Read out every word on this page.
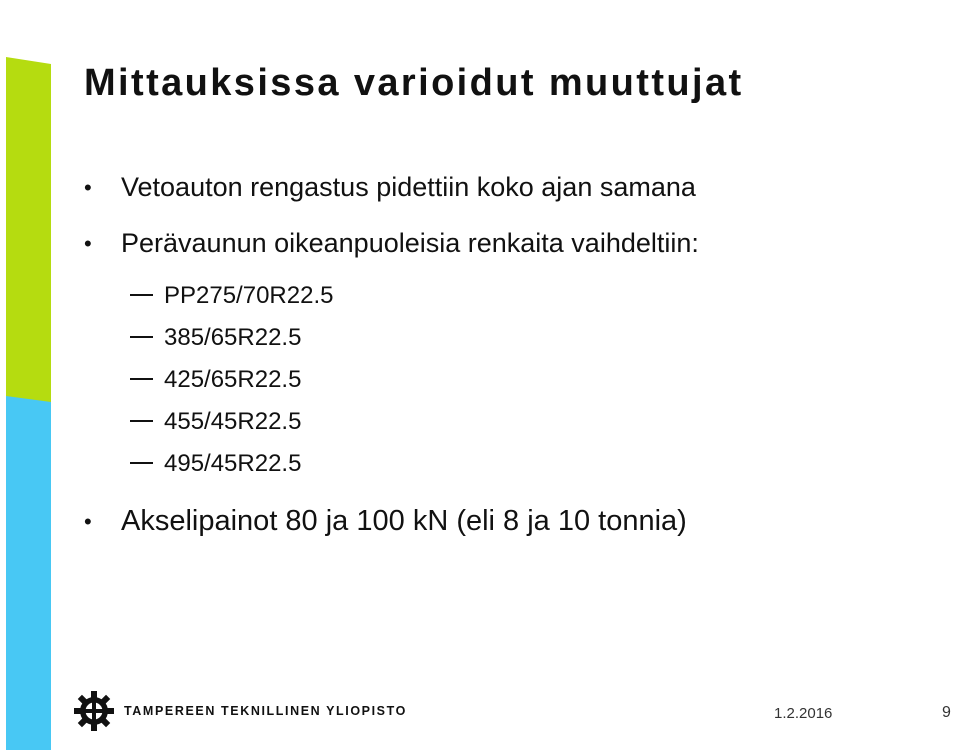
Mittauksissa varioidut muuttujat
•	Vetoauton rengastus pidettiin koko ajan samana
•	Perävaunun oikeanpuoleisia renkaita vaihdeltiin:
PP275/70R22.5
385/65R22.5
425/65R22.5
455/45R22.5
495/45R22.5
•	Akselipainot 80 ja 100 kN (eli 8 ja 10 tonnia)
TAMPEREEN TEKNILLINEN YLIOPISTO	1.2.2016	9
